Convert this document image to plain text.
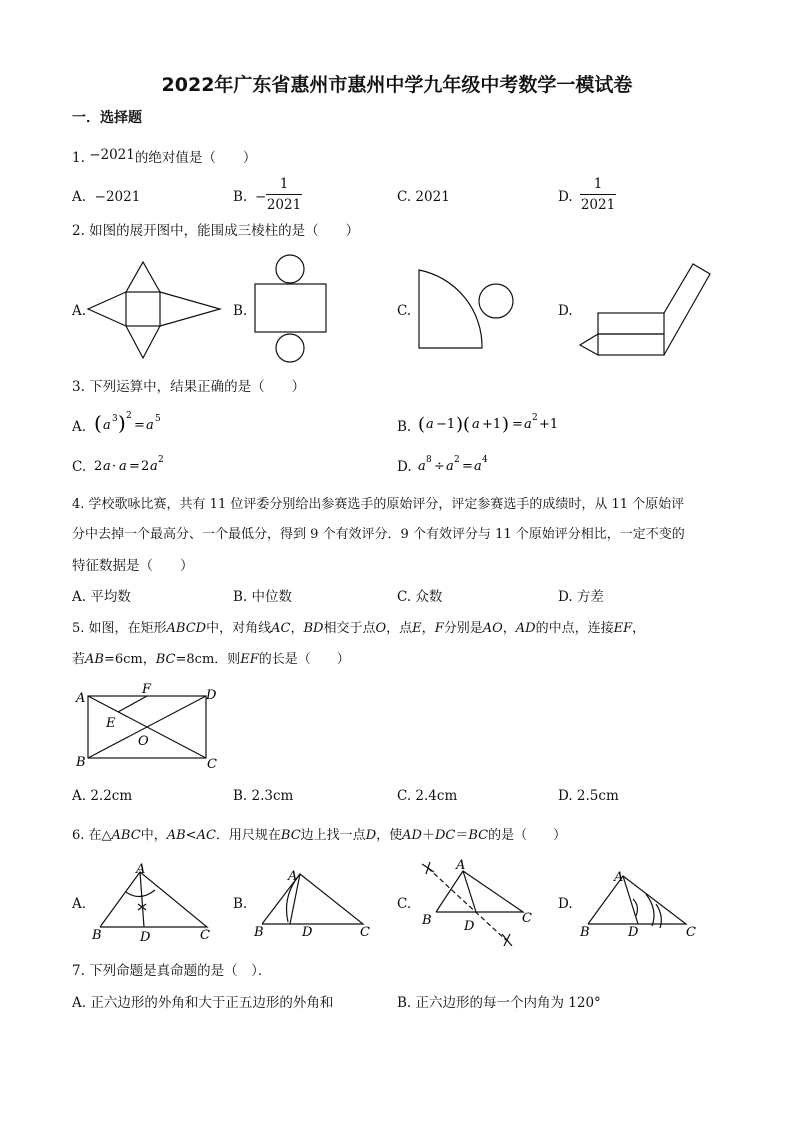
2022年广东省惠州市惠州中学九年级中考数学一模试卷
一．选择题
1. −2021的绝对值是（　　）
A. −2021	B. −
1
2021	C. 2021	D.
1
2021
2. 如图的展开图中，能围成三棱柱的是（　　）
A.	B.	C.	D.
3. 下列运算中，结果正确的是（　　）
A. ( a 3 ) 2
= a 5	B. ( a −1 )( a +1 ) = a 2 +1
C. 2 a · a = 2 a 2	D. a 8 ÷ a 2 = a 4
4. 学校歌咏比赛，共有 11 位评委分别给出参赛选手的原始评分，评定参赛选手的成绩时，从 11 个原始评
分中去掉一个最高分、一个最低分，得到 9 个有效评分．9 个有效评分与 11 个原始评分相比，一定不变的
特征数据是（　　）
A. 平均数	B. 中位数	C. 众数	D. 方差
5. 如图，在矩形ABCD中，对角线AC，BD相交于点O，点E，F分别是AO，AD的中点，连接EF，
若AB=6cm，BC=8cm．则EF的长是（　　）
A
F	D
E
O
B	C
A. 2.2cm	B. 2.3cm	C. 2.4cm	D. 2.5cm
6. 在△ABC中，AB<AC．用尺规在BC边上找一点D，使AD＋DC＝BC的是（　　）
A.	B.	C.	D.
A
B	D	C
A
B	D	C
A
B D
C
A
B	D	C
7. 下列命题是真命题的是（　）．
A. 正六边形的外角和大于正五边形的外角和	B. 正六边形的每一个内角为 120°
